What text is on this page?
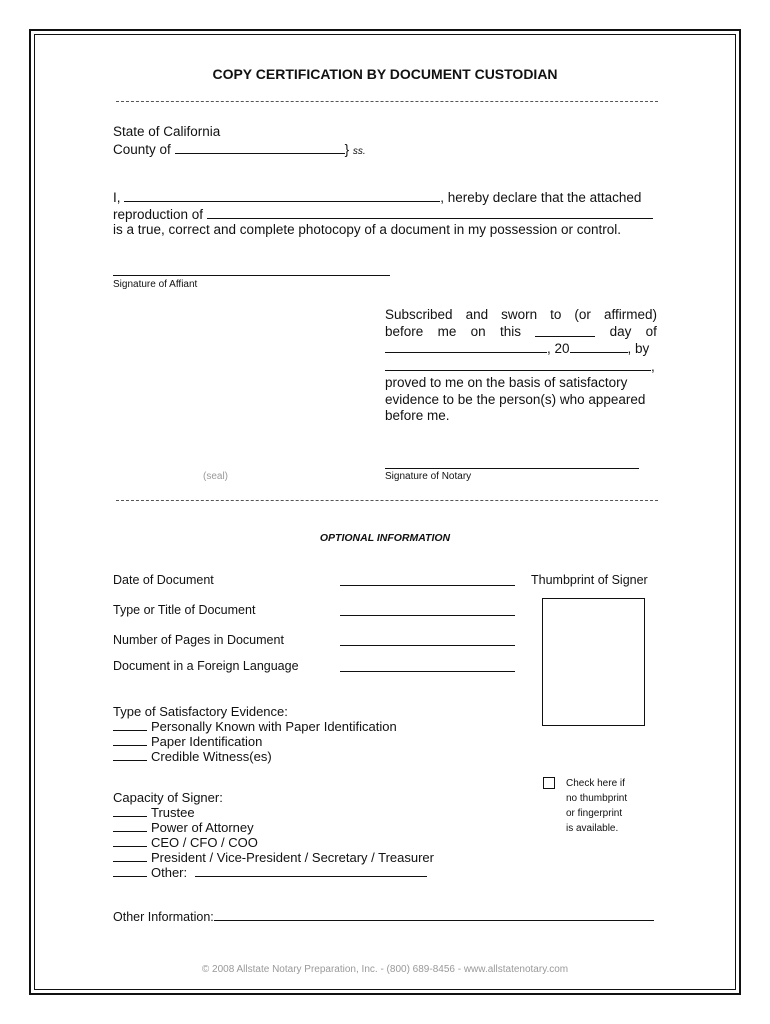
COPY CERTIFICATION BY DOCUMENT CUSTODIAN
State of California
County of	} ss.
I,	, hereby declare that the attached
reproduction of
is a true, correct and complete photocopy of a document in my possession or control.
Signature of Affiant
Subscribed and sworn to (or affirmed)
before me on this	day of
, 20	, by
,
proved to me on the basis of satisfactory
evidence to be the person(s) who appeared
before me.
(seal)	Signature of Notary
OPTIONAL INFORMATION
Date of Document
Type or Title of Document
Number of Pages in Document
Document in a Foreign Language
Thumbprint of Signer
Type of Satisfactory Evidence:
Personally Known with Paper Identification
Paper Identification
Credible Witness(es)
Check here if
no thumbprint
or fingerprint
is available.
Capacity of Signer:
Trustee
Power of Attorney
CEO / CFO / COO
President / Vice-President / Secretary / Treasurer
Other:
Other Information:
© 2008 Allstate Notary Preparation, Inc. - (800) 689-8456 - www.allstatenotary.com
